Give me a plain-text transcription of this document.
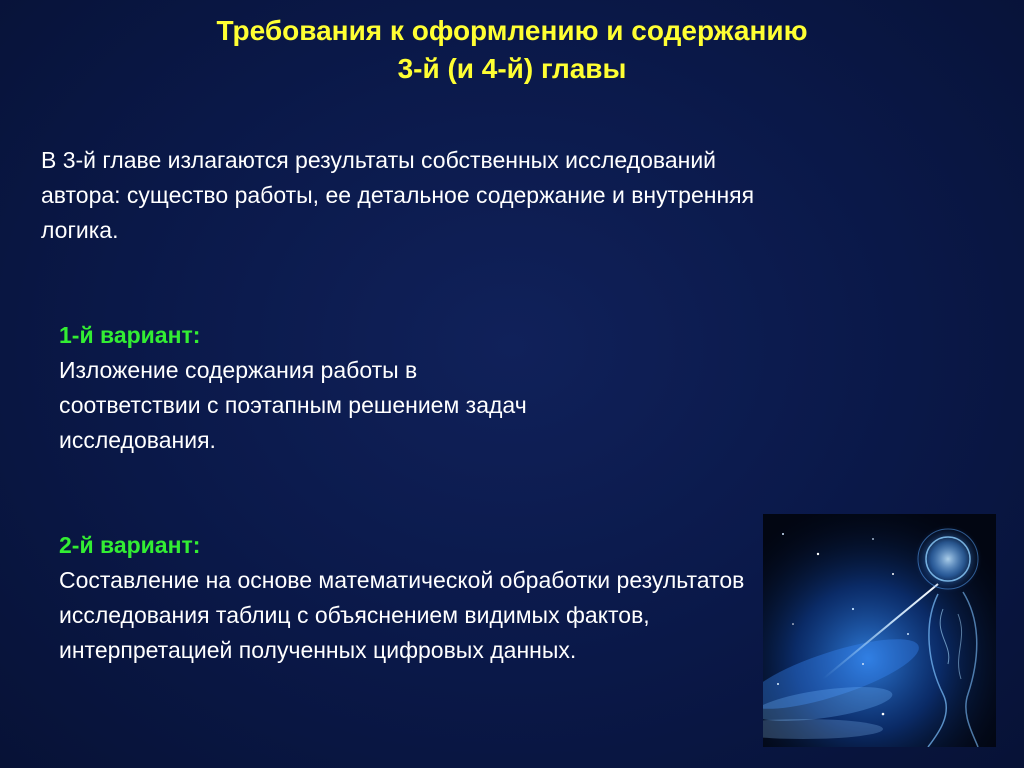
Требования к оформлению и содержанию
3-й (и 4-й) главы
В 3-й главе излагаются результаты собственных исследований
автора: существо работы, ее детальное содержание и внутренняя
логика.
1-й вариант:
Изложение содержания работы в
соответствии с поэтапным решением задач
исследования.
2-й вариант:
Составление на основе математической обработки результатов
исследования таблиц с объяснением видимых фактов,
интерпретацией полученных цифровых данных.
